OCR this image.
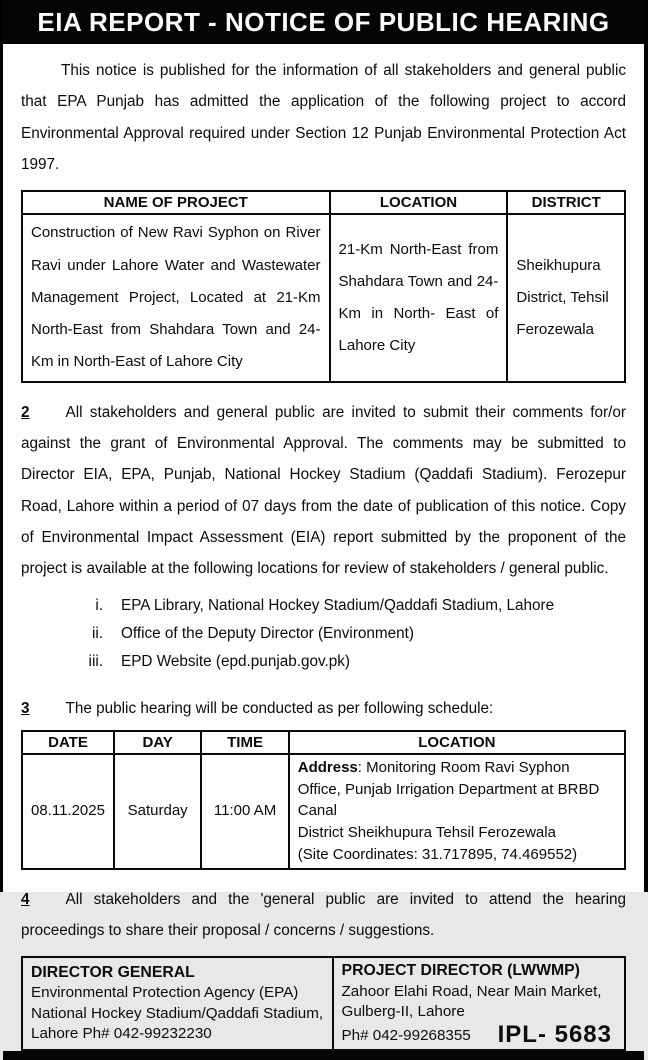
EIA REPORT - NOTICE OF PUBLIC HEARING

This notice is published for the information of all stakeholders and general public that EPA Punjab has admitted the application of the following project to accord Environmental Approval required under Section 12 Punjab Environmental Protection Act 1997.

NAME OF PROJECT	LOCATION	DISTRICT
Construction of New Ravi Syphon on River Ravi under Lahore Water and Wastewater Management Project, Located at 21-Km North-East from Shahdara Town and 24-Km in North-East of Lahore City	21-Km North-East from Shahdara Town and 24-Km in North- East of Lahore City	Sheikhupura District, Tehsil Ferozewala

2 All stakeholders and general public are invited to submit their comments for/or against the grant of Environmental Approval. The comments may be submitted to Director EIA, EPA, Punjab, National Hockey Stadium (Qaddafi Stadium). Ferozepur Road, Lahore within a period of 07 days from the date of publication of this notice. Copy of Environmental Impact Assessment (EIA) report submitted by the proponent of the project is available at the following locations for review of stakeholders / general public.

i. EPA Library, National Hockey Stadium/Qaddafi Stadium, Lahore
ii. Office of the Deputy Director (Environment)
iii. EPD Website (epd.punjab.gov.pk)

3 The public hearing will be conducted as per following schedule:

DATE	DAY	TIME	LOCATION
08.11.2025	Saturday	11:00 AM	Address: Monitoring Room Ravi Syphon Office, Punjab Irrigation Department at BRBD Canal
District Sheikhupura Tehsil Ferozewala
(Site Coordinates: 31.717895, 74.469552)

4 All stakeholders and the 'general public are invited to attend the hearing proceedings to share their proposal / concerns / suggestions.

DIRECTOR GENERAL
Environmental Protection Agency (EPA) National Hockey Stadium/Qaddafi Stadium, Lahore Ph# 042-99232230

PROJECT DIRECTOR (LWWMP)
Zahoor Elahi Road, Near Main Market, Gulberg-II, Lahore
Ph# 042-99268355 IPL- 5683
